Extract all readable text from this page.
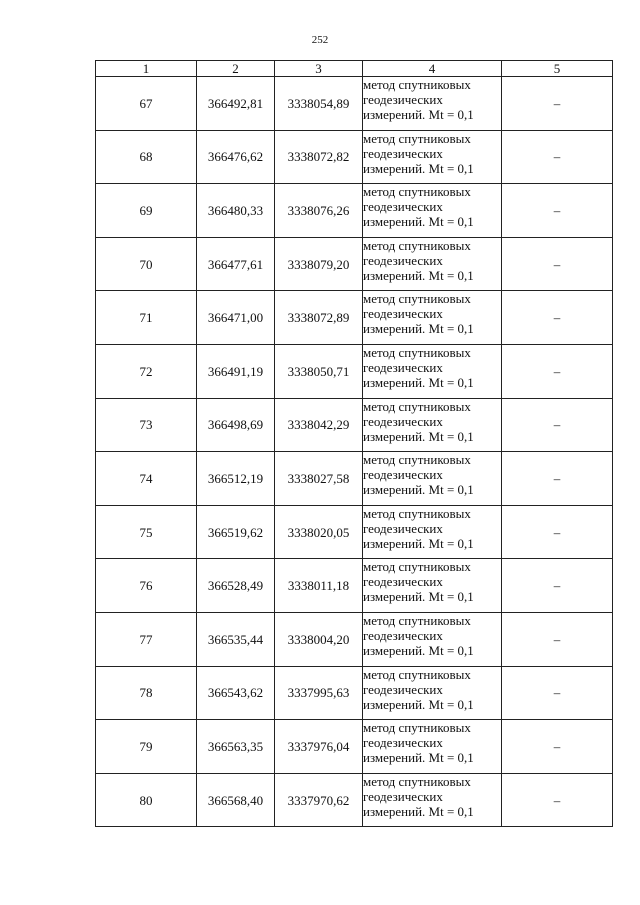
252
1	2	3	4	5
67	366492,81	3338054,89	метод спутниковых
геодезических
измерений. Mt = 0,1	–
68	366476,62	3338072,82	метод спутниковых
геодезических
измерений. Mt = 0,1	–
69	366480,33	3338076,26	метод спутниковых
геодезических
измерений. Mt = 0,1	–
70	366477,61	3338079,20	метод спутниковых
геодезических
измерений. Mt = 0,1	–
71	366471,00	3338072,89	метод спутниковых
геодезических
измерений. Mt = 0,1	–
72	366491,19	3338050,71	метод спутниковых
геодезических
измерений. Mt = 0,1	–
73	366498,69	3338042,29	метод спутниковых
геодезических
измерений. Mt = 0,1	–
74	366512,19	3338027,58	метод спутниковых
геодезических
измерений. Mt = 0,1	–
75	366519,62	3338020,05	метод спутниковых
геодезических
измерений. Mt = 0,1	–
76	366528,49	3338011,18	метод спутниковых
геодезических
измерений. Mt = 0,1	–
77	366535,44	3338004,20	метод спутниковых
геодезических
измерений. Mt = 0,1	–
78	366543,62	3337995,63	метод спутниковых
геодезических
измерений. Mt = 0,1	–
79	366563,35	3337976,04	метод спутниковых
геодезических
измерений. Mt = 0,1	–
80	366568,40	3337970,62	метод спутниковых
геодезических
измерений. Mt = 0,1	–
